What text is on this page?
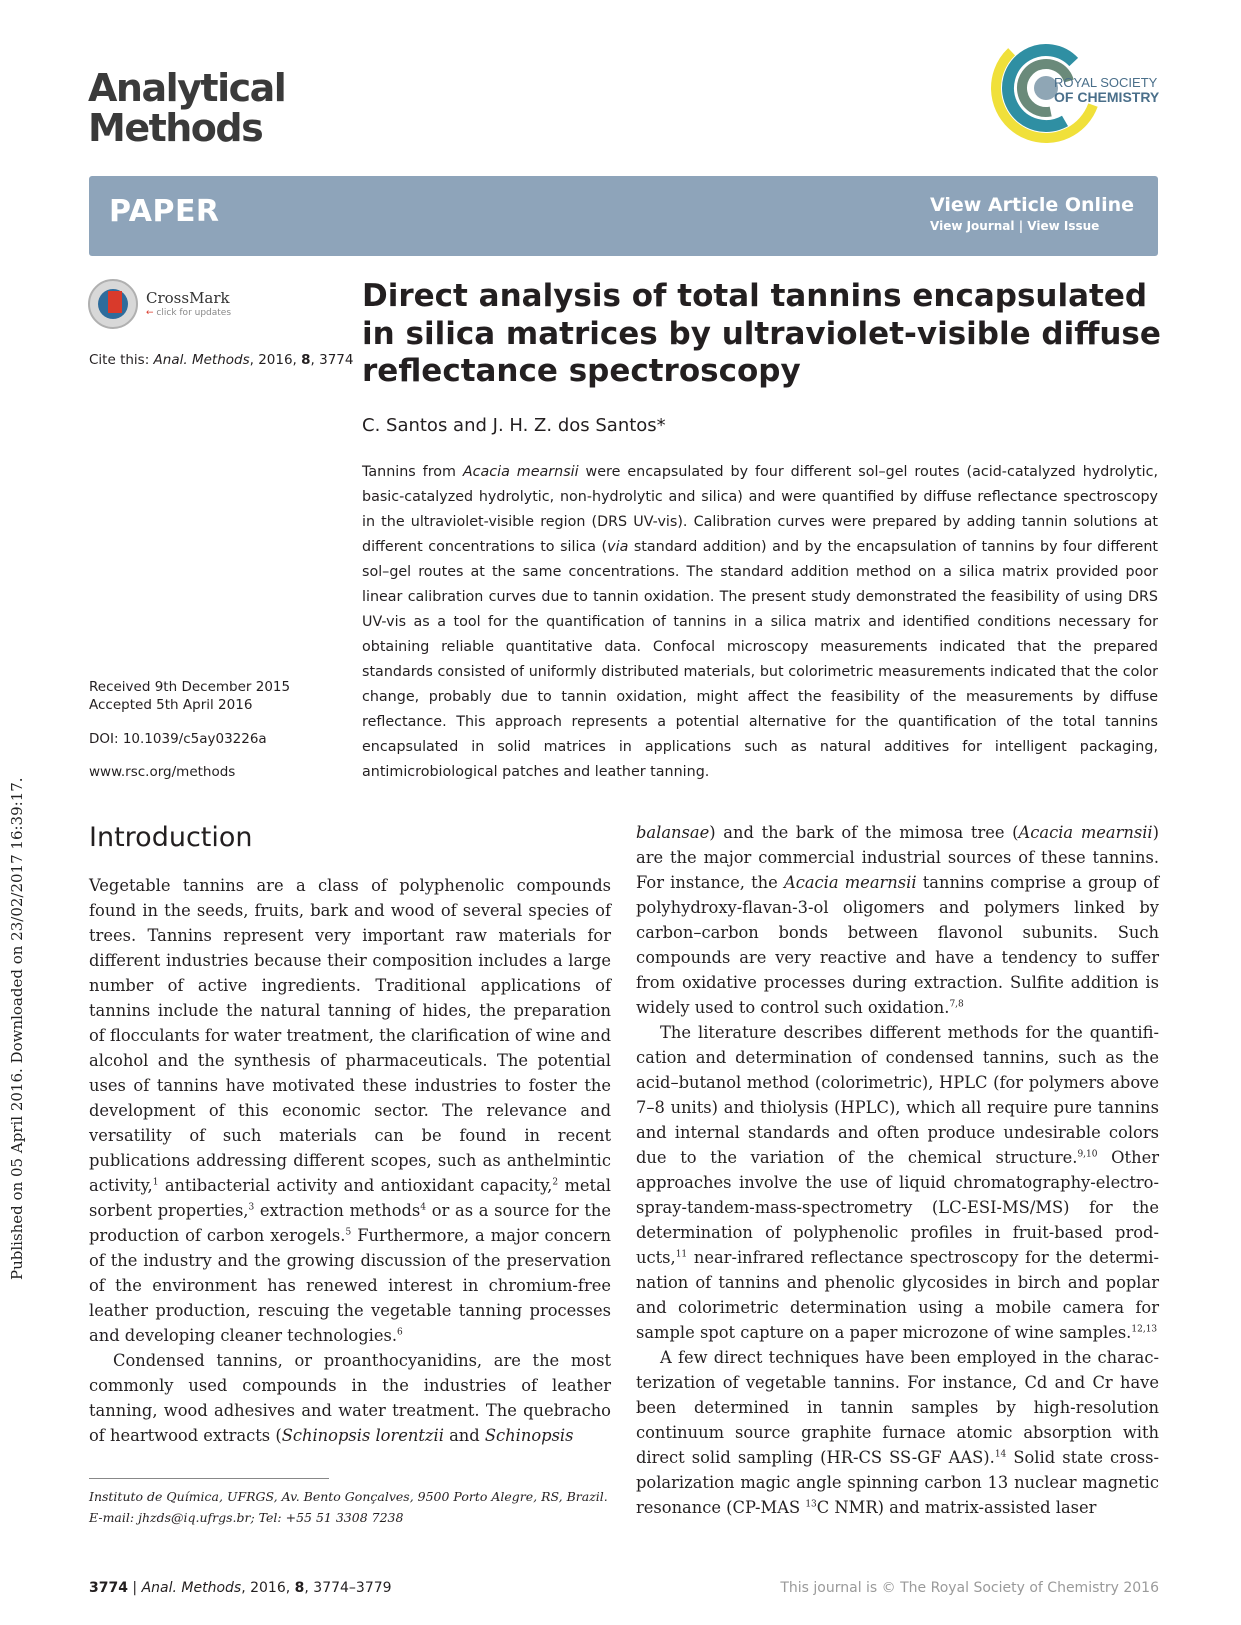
Published on 05 April 2016. Downloaded on 23/02/2017 16:39:17.
Analytical
Methods
ROYAL SOCIETY
OF CHEMISTRY
PAPER	View Article Online
View Journal | View Issue
CrossMark
← click for updates
Cite this: Anal. Methods, 2016, 8, 3774
Direct analysis of total tannins encapsulated in silica matrices by ultraviolet-visible diffuse reflectance spectroscopy
C. Santos and J. H. Z. dos Santos*
Tannins from Acacia mearnsii were encapsulated by four different sol–gel routes (acid-catalyzed hydrolytic, basic-catalyzed hydrolytic, non-hydrolytic and silica) and were quantified by diffuse reflectance spectroscopy in the ultraviolet-visible region (DRS UV-vis). Calibration curves were prepared by adding tannin solutions at different concentrations to silica (via standard addition) and by the encapsulation of tannins by four different sol–gel routes at the same concentrations. The standard addition method on a silica matrix provided poor linear calibration curves due to tannin oxidation. The present study demonstrated the feasibility of using DRS UV-vis as a tool for the quantification of tannins in a silica matrix and identified conditions necessary for obtaining reliable quantitative data. Confocal microscopy measurements indicated that the prepared standards consisted of uniformly distributed materials, but colorimetric measurements indicated that the color change, probably due to tannin oxidation, might affect the feasibility of the measurements by diffuse reflectance. This approach represents a potential alternative for the quantification of the total tannins encapsulated in solid matrices in applications such as natural additives for intelligent packaging, antimicrobiological patches and leather tanning.
Received 9th December 2015
Accepted 5th April 2016
DOI: 10.1039/c5ay03226a
www.rsc.org/methods
Introduction

Vegetable tannins are a class of polyphenolic compounds found in the seeds, fruits, bark and wood of several species of trees. Tannins represent very important raw materials for different industries because their composition includes a large number of active ingredients. Traditional applications of tannins include the natural tanning of hides, the preparation of flocculants for water treatment, the clarification of wine and alcohol and the synthesis of pharmaceuticals. The potential uses of tannins have motivated these industries to foster the development of this economic sector. The relevance and versatility of such materials can be found in recent publications addressing different scopes, such as anthelmintic activity,$^1$ antibacterial activity and antioxidant capacity,$^2$ metal sorbent properties,$^3$ extraction methods$^4$ or as a source for the production of carbon xerogels.$^5$ Furthermore, a major concern of the industry and the growing discussion of the preservation of the environment has renewed interest in chromium-free leather production, rescuing the vegetable tanning processes and developing cleaner technologies.$^6$

Condensed tannins, or proanthocyanidins, are the most commonly used compounds in the industries of leather tanning, wood adhesives and water treatment. The quebracho of heartwood extracts (Schinopsis lorentzii and Schinopsis

balansae) and the bark of the mimosa tree (Acacia mearnsii) are the major commercial industrial sources of these tannins. For instance, the Acacia mearnsii tannins comprise a group of polyhydroxy-flavan-3-ol oligomers and polymers linked by carbon–carbon bonds between flavonol subunits. Such compounds are very reactive and have a tendency to suffer from oxidative processes during extraction. Sulfite addition is widely used to control such oxidation.$^{7,8}$

The literature describes different methods for the quantification and determination of condensed tannins, such as the acid–butanol method (colorimetric), HPLC (for polymers above 7–8 units) and thiolysis (HPLC), which all require pure tannins and internal standards and often produce undesirable colors due to the variation of the chemical structure.$^{9,10}$ Other approaches involve the use of liquid chromatography-electrospray-tandem-mass-spectrometry (LC-ESI-MS/MS) for the determination of polyphenolic profiles in fruit-based products,$^{11}$ near-infrared reflectance spectroscopy for the determination of tannins and phenolic glycosides in birch and poplar and colorimetric determination using a mobile camera for sample spot capture on a paper microzone of wine samples.$^{12,13}$

A few direct techniques have been employed in the characterization of vegetable tannins. For instance, Cd and Cr have been determined in tannin samples by high-resolution continuum source graphite furnace atomic absorption with direct solid sampling (HR-CS SS-GF AAS).$^{14}$ Solid state cross-polarization magic angle spinning carbon 13 nuclear magnetic resonance (CP-MAS $^{13}$C NMR) and matrix-assisted laser

Instituto de Química, UFRGS, Av. Bento Gonçalves, 9500 Porto Alegre, RS, Brazil.
E-mail: jhzds@iq.ufrgs.br; Tel: +55 51 3308 7238
3774 | Anal. Methods, 2016, 8, 3774–3779	This journal is © The Royal Society of Chemistry 2016
